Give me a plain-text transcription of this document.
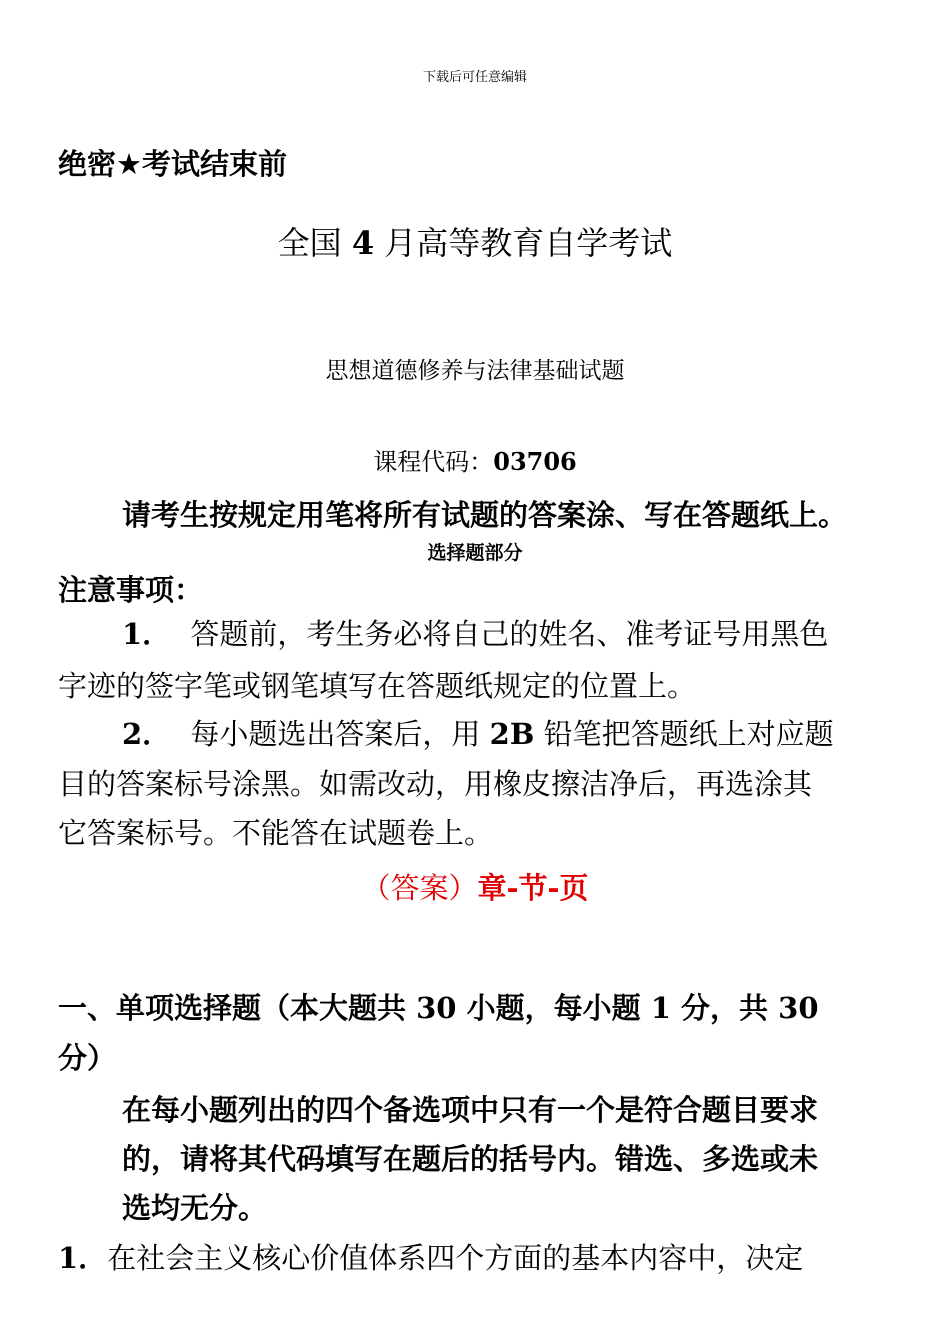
下载后可任意编辑
绝密★考试结束前
全国 4 月高等教育自学考试
思想道德修养与法律基础试题
课程代码：03706
请考生按规定用笔将所有试题的答案涂、写在答题纸上。
选择题部分
注意事项：
1． 答题前，考生务必将自己的姓名、准考证号用黑色
字迹的签字笔或钢笔填写在答题纸规定的位置上。
2． 每小题选出答案后，用 2B 铅笔把答题纸上对应题
目的答案标号涂黑。如需改动，用橡皮擦洁净后，再选涂其
它答案标号。不能答在试题卷上。
（答案）章-节-页
一、单项选择题（本大题共 30 小题，每小题 1 分，共 30
分）
在每小题列出的四个备选项中只有一个是符合题目要求
的，请将其代码填写在题后的括号内。错选、多选或未
选均无分。
1．在社会主义核心价值体系四个方面的基本内容中，决定
